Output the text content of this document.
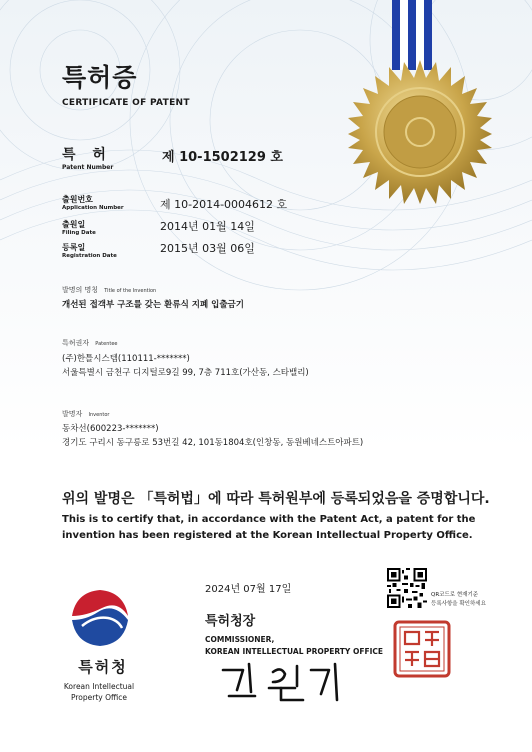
특허증
CERTIFICATE OF PATENT
특 허
Patent Number
제 10-1502129 호
출원번호
Application Number	제 10-2014-0004612 호
출원일
Filing Date	2014년 01월 14일
등록일
Registration Date
2015년 03월 06일
발명의 명칭 Title of the Invention
개선된 접객부 구조를 갖는 환류식 지폐 입출금기
특허권자 Patentee
(주)한틀시스템(110111-*******)
서울특별시 금천구 디지털로9길 99, 7층 711호(가산동, 스타밸리)
발명자 Inventor
동차선(600223-*******)
경기도 구리시 동구릉로 53번길 42, 101동1804호(인창동, 동원베네스트아파트)
위의 발명은 「특허법」에 따라 특허원부에 등록되었음을 증명합니다.
This is to certify that, in accordance with the Patent Act, a patent for the
invention has been registered at the Korean Intellectual Property Office.
2024년 07월 17일
특허청장
COMMISSIONER,
KOREAN INTELLECTUAL PROPERTY OFFICE
QR코드로 현재기준
등록사항을 확인하세요
특허청
Korean Intellectual
Property Office
